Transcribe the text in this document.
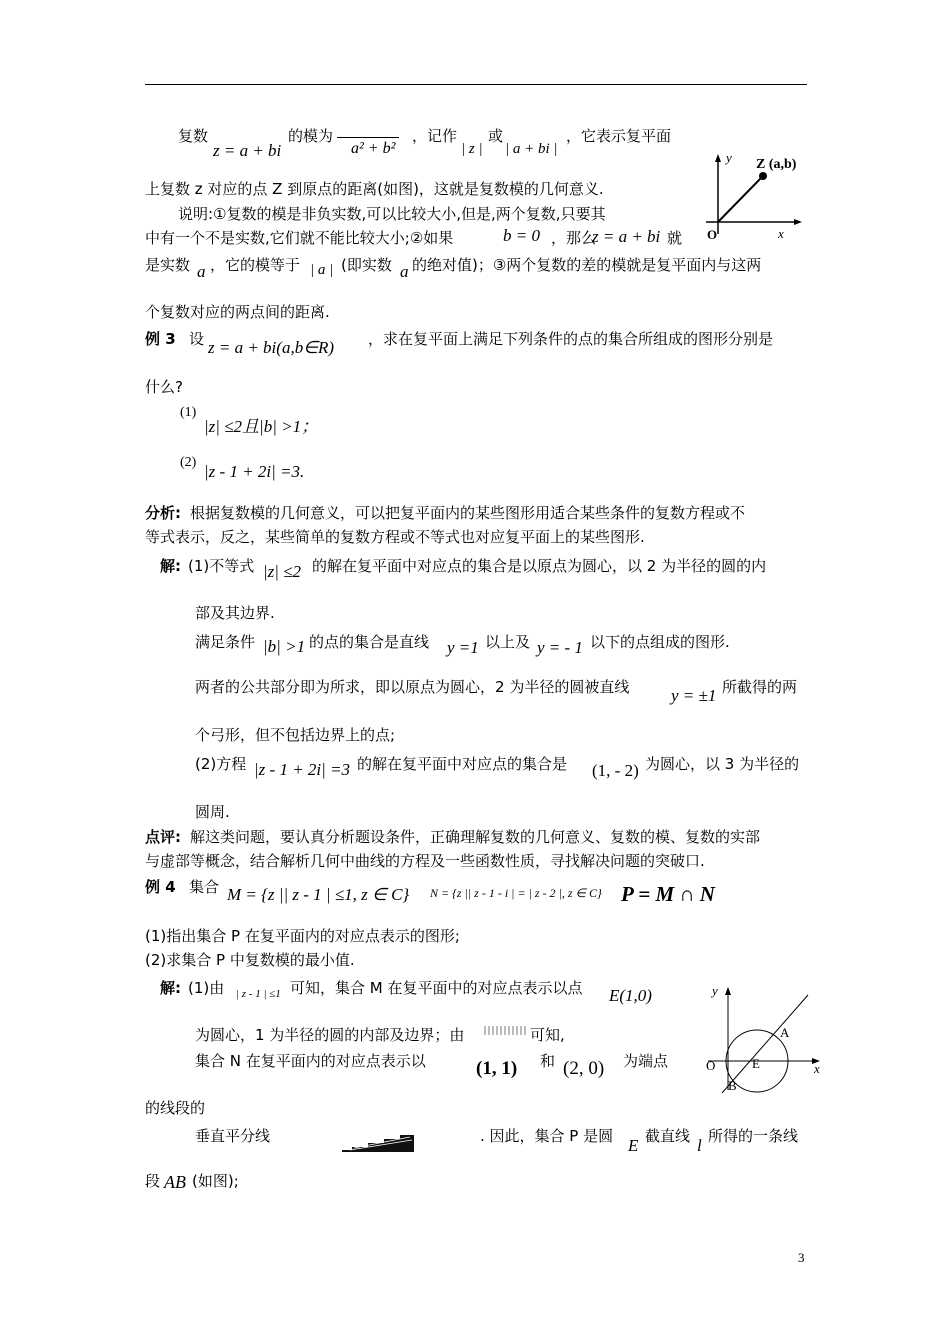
复数
z = a + bi
的模为
a² + b²
，记作
| z |
或
| a + bi |
，它表示复平面
上复数 z 对应的点 Z 到原点的距离(如图)，这就是复数模的几何意义.
说明:①复数的模是非负实数,可以比较大小,但是,两个复数,只要其
中有一个不是实数,它们就不能比较大小;②如果	b = 0 ，那么
z = a + bi 就
是实数 a ，它的模等于 | a | (即实数 a 的绝对值)；③两个复数的差的模就是复平面内与这两
个复数对应的两点间的距离.
y Z (a,b)
O	x
例 3 设 z = a + bi(a,b∈R) ，求在复平面上满足下列条件的点的集合所组成的图形分别是
什么?
(1)
|z| ≤2且|b| >1；
(2) |z - 1 + 2i| =3.
分析: 根据复数模的几何意义，可以把复平面内的某些图形用适合某些条件的复数方程或不
等式表示，反之，某些简单的复数方程或不等式也对应复平面上的某些图形.
解: (1)不等式 |z| ≤2 的解在复平面中对应点的集合是以原点为圆心，以 2 为半径的圆的内
部及其边界.
满足条件 |b| >1 的点的集合是直线 y =1 以上及 y = - 1 以下的点组成的图形.
两者的公共部分即为所求，即以原点为圆心，2 为半径的圆被直线 y = ±1 所截得的两
个弓形，但不包括边界上的点;
(2)方程 |z - 1 + 2i| =3 的解在复平面中对应点的集合是 (1, - 2) 为圆心，以 3 为半径的
圆周.
点评: 解这类问题，要认真分析题设条件，正确理解复数的几何意义、复数的模、复数的实部
与虚部等概念，结合解析几何中曲线的方程及一些函数性质，寻找解决问题的突破口.
例 4 集合 M = {z || z - 1 | ≤1, z ∈ C} N = {z || z - 1 - i | = | z - 2 |, z ∈ C} P = M ∩ N
(1)指出集合 P 在复平面内的对应点表示的图形;
(2)求集合 P 中复数模的最小值.
解: (1)由 | z - 1 | ≤1 可知，集合 M 在复平面中的对应点表示以点 E(1,0)
为圆心，1 为半径的圆的内部及边界；由	可知,
集合 N 在复平面内的对应点表示以	(1, 1) 和 (2, 0) 为端点
的线段的
垂直平分线	. 因此，集合 P 是圆 E 截直线 l 所得的一条线
段 AB (如图);
y
A
O	E	x
B
3
